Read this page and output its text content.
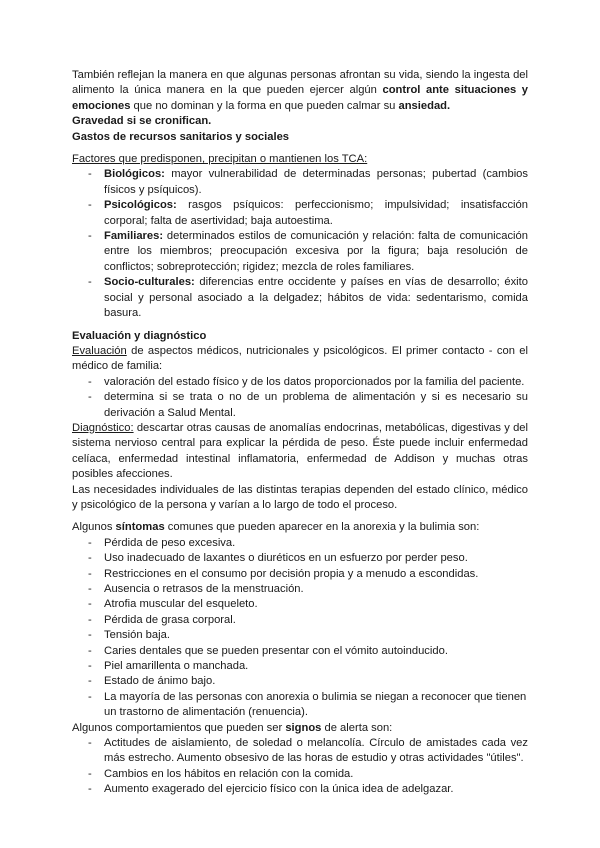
También reflejan la manera en que algunas personas afrontan su vida, siendo la ingesta del alimento la única manera en la que pueden ejercer algún control ante situaciones y emociones que no dominan y la forma en que pueden calmar su ansiedad.

Gravedad si se cronifican.

Gastos de recursos sanitarios y sociales

Factores que predisponen, precipitan o mantienen los TCA:

- Biológicos: mayor vulnerabilidad de determinadas personas; pubertad (cambios físicos y psíquicos).
- Psicológicos: rasgos psíquicos: perfeccionismo; impulsividad; insatisfacción corporal; falta de asertividad; baja autoestima.
- Familiares: determinados estilos de comunicación y relación: falta de comunicación entre los miembros; preocupación excesiva por la figura; baja resolución de conflictos; sobreprotección; rigidez; mezcla de roles familiares.
- Socio-culturales: diferencias entre occidente y países en vías de desarrollo; éxito social y personal asociado a la delgadez; hábitos de vida: sedentarismo, comida basura.

Evaluación y diagnóstico

Evaluación de aspectos médicos, nutricionales y psicológicos. El primer contacto - con el médico de familia:

- valoración del estado físico y de los datos proporcionados por la familia del paciente.
- determina si se trata o no de un problema de alimentación y si es necesario su derivación a Salud Mental.

Diagnóstico: descartar otras causas de anomalías endocrinas, metabólicas, digestivas y del sistema nervioso central para explicar la pérdida de peso. Éste puede incluir enfermedad celíaca, enfermedad intestinal inflamatoria, enfermedad de Addison y muchas otras posibles afecciones.

Las necesidades individuales de las distintas terapias dependen del estado clínico, médico y psicológico de la persona y varían a lo largo de todo el proceso.

Algunos síntomas comunes que pueden aparecer en la anorexia y la bulimia son:

- Pérdida de peso excesiva.
- Uso inadecuado de laxantes o diuréticos en un esfuerzo por perder peso.
- Restricciones en el consumo por decisión propia y a menudo a escondidas.
- Ausencia o retrasos de la menstruación.
- Atrofia muscular del esqueleto.
- Pérdida de grasa corporal.
- Tensión baja.
- Caries dentales que se pueden presentar con el vómito autoinducido.
- Piel amarillenta o manchada.
- Estado de ánimo bajo.
- La mayoría de las personas con anorexia o bulimia se niegan a reconocer que tienen un trastorno de alimentación (renuencia).

Algunos comportamientos que pueden ser signos de alerta son:

- Actitudes de aislamiento, de soledad o melancolía. Círculo de amistades cada vez más estrecho. Aumento obsesivo de las horas de estudio y otras actividades "útiles".
- Cambios en los hábitos en relación con la comida.
- Aumento exagerado del ejercicio físico con la única idea de adelgazar.
